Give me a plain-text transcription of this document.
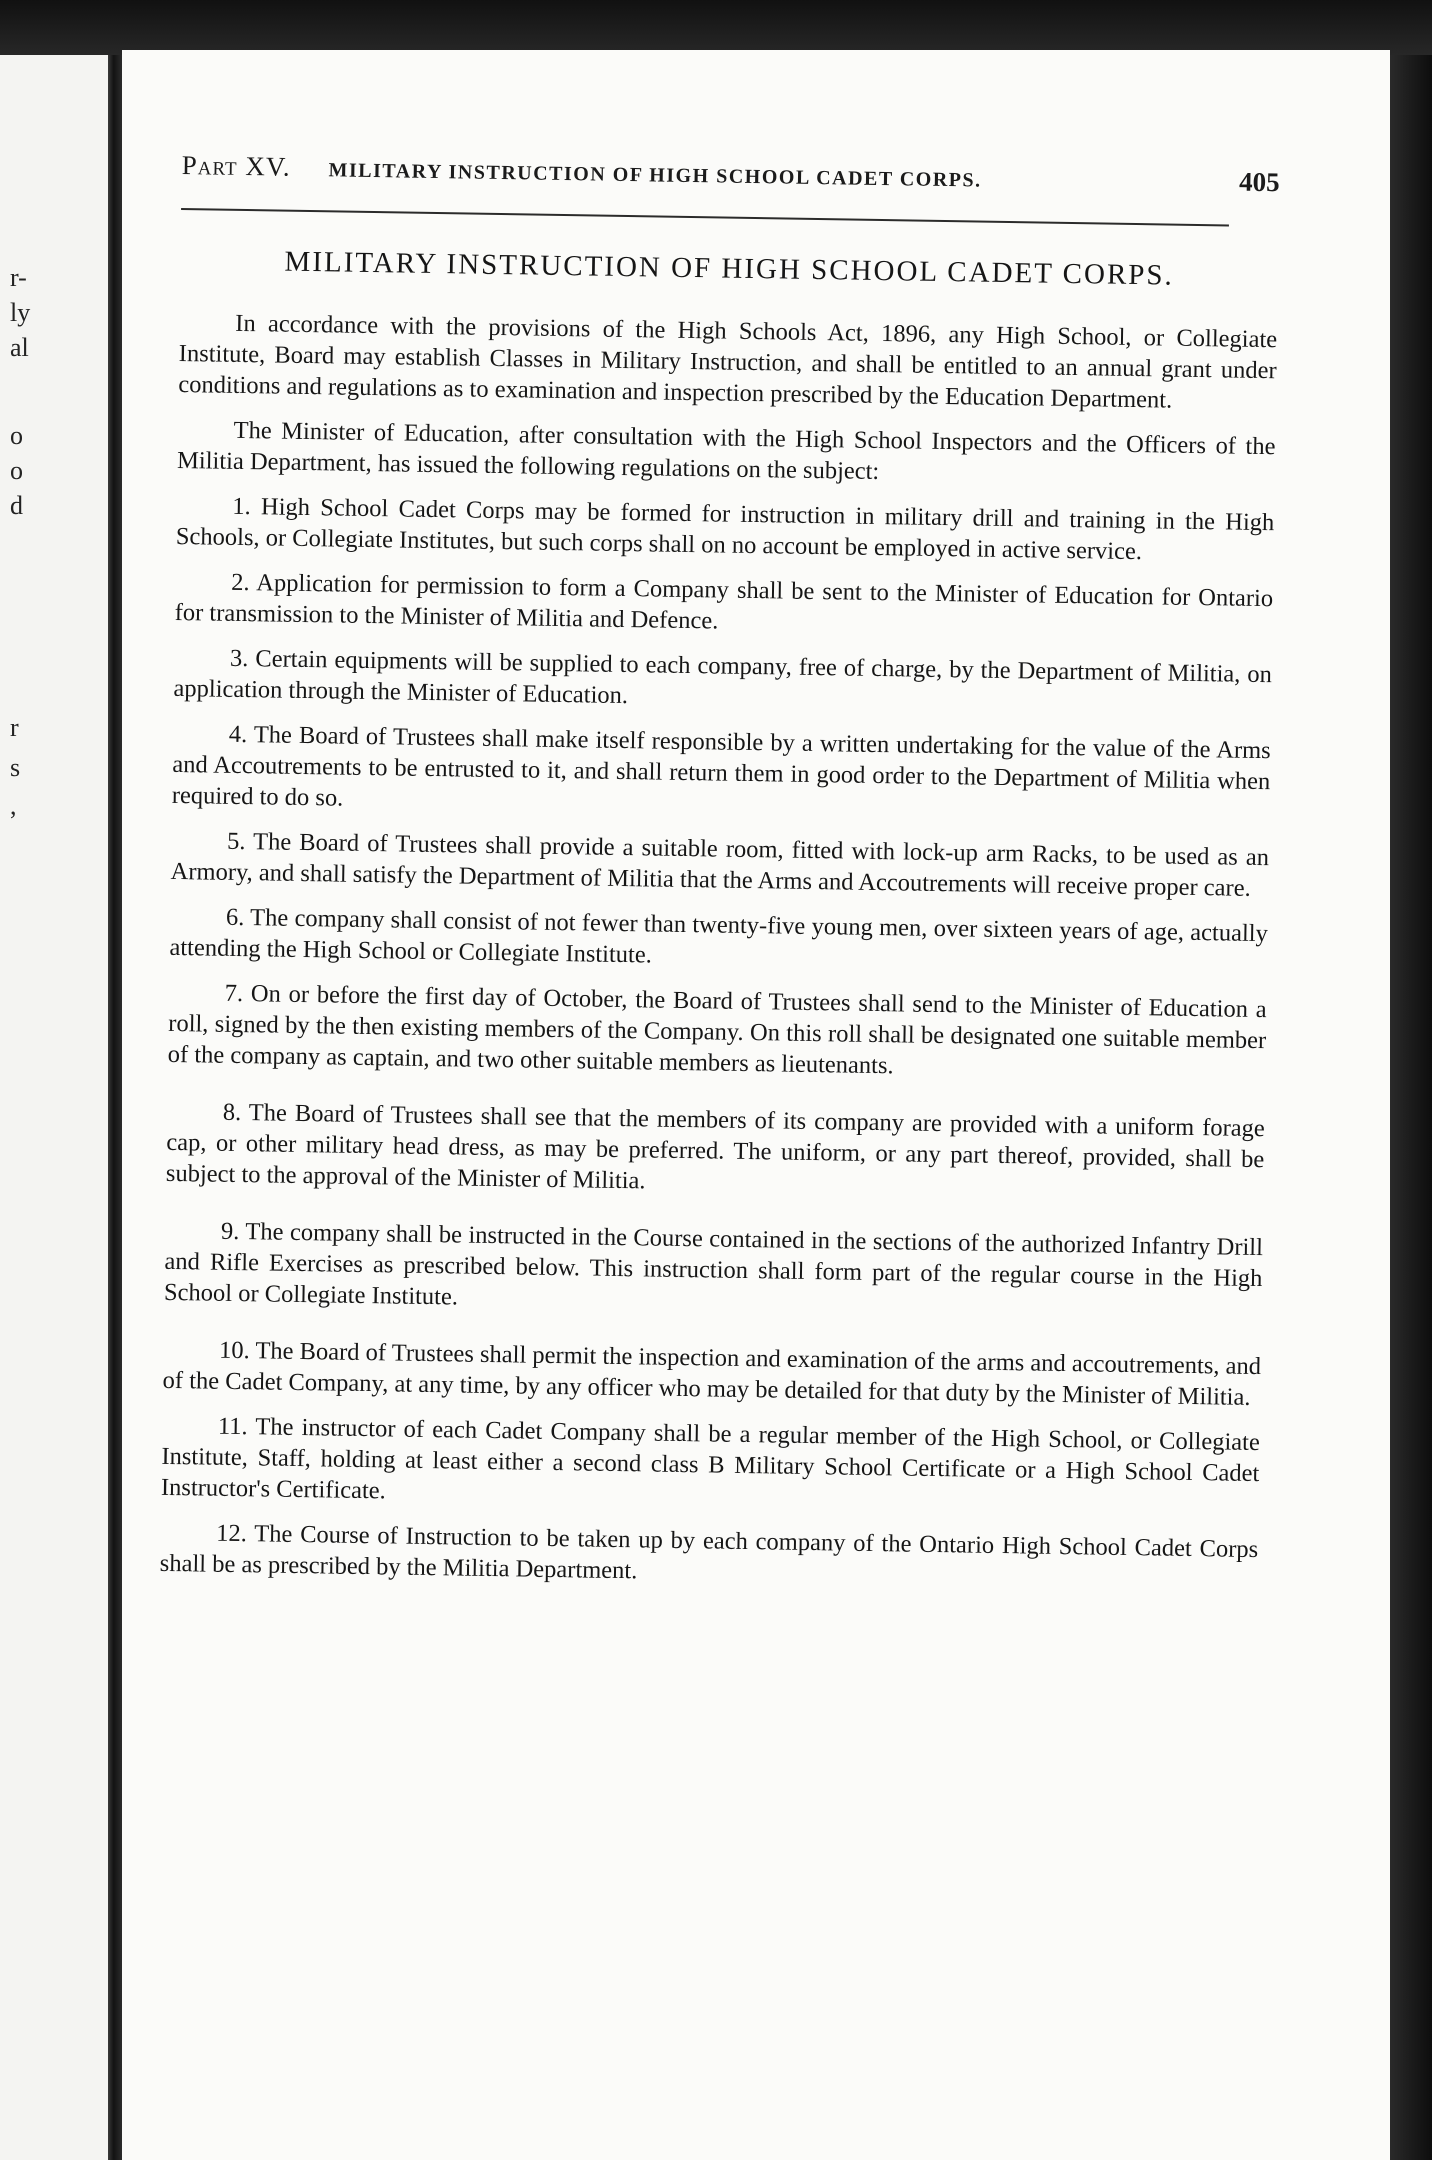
r-
ly
al
o
o
d
r
s
,
Part XV. MILITARY INSTRUCTION OF HIGH SCHOOL CADET CORPS.	405
MILITARY INSTRUCTION OF HIGH SCHOOL CADET CORPS.

In accordance with the provisions of the High Schools Act, 1896, any High School, or Collegiate Institute, Board may establish Classes in Military Instruction, and shall be entitled to an annual grant under conditions and regulations as to examination and inspection prescribed by the Education Department.

The Minister of Education, after consultation with the High School Inspectors and the Officers of the Militia Department, has issued the following regulations on the subject:

1. High School Cadet Corps may be formed for instruction in military drill and training in the High Schools, or Collegiate Institutes, but such corps shall on no account be employed in active service.

2. Application for permission to form a Company shall be sent to the Minister of Education for Ontario for transmission to the Minister of Militia and Defence.

3. Certain equipments will be supplied to each company, free of charge, by the Department of Militia, on application through the Minister of Education.

4. The Board of Trustees shall make itself responsible by a written undertaking for the value of the Arms and Accoutrements to be entrusted to it, and shall return them in good order to the Department of Militia when required to do so.

5. The Board of Trustees shall provide a suitable room, fitted with lock-up arm Racks, to be used as an Armory, and shall satisfy the Department of Militia that the Arms and Accoutrements will receive proper care.

6. The company shall consist of not fewer than twenty-five young men, over sixteen years of age, actually attending the High School or Collegiate Institute.

7. On or before the first day of October, the Board of Trustees shall send to the Minister of Education a roll, signed by the then existing members of the Company. On this roll shall be designated one suitable member of the company as captain, and two other suitable members as lieutenants.

8. The Board of Trustees shall see that the members of its company are provided with a uniform forage cap, or other military head dress, as may be preferred. The uniform, or any part thereof, provided, shall be subject to the approval of the Minister of Militia.

9. The company shall be instructed in the Course contained in the sections of the authorized Infantry Drill and Rifle Exercises as prescribed below. This instruction shall form part of the regular course in the High School or Collegiate Institute.

10. The Board of Trustees shall permit the inspection and examination of the arms and accoutrements, and of the Cadet Company, at any time, by any officer who may be detailed for that duty by the Minister of Militia.

11. The instructor of each Cadet Company shall be a regular member of the High School, or Collegiate Institute, Staff, holding at least either a second class B Military School Certificate or a High School Cadet Instructor's Certificate.

12. The Course of Instruction to be taken up by each company of the Ontario High School Cadet Corps shall be as prescribed by the Militia Department.
